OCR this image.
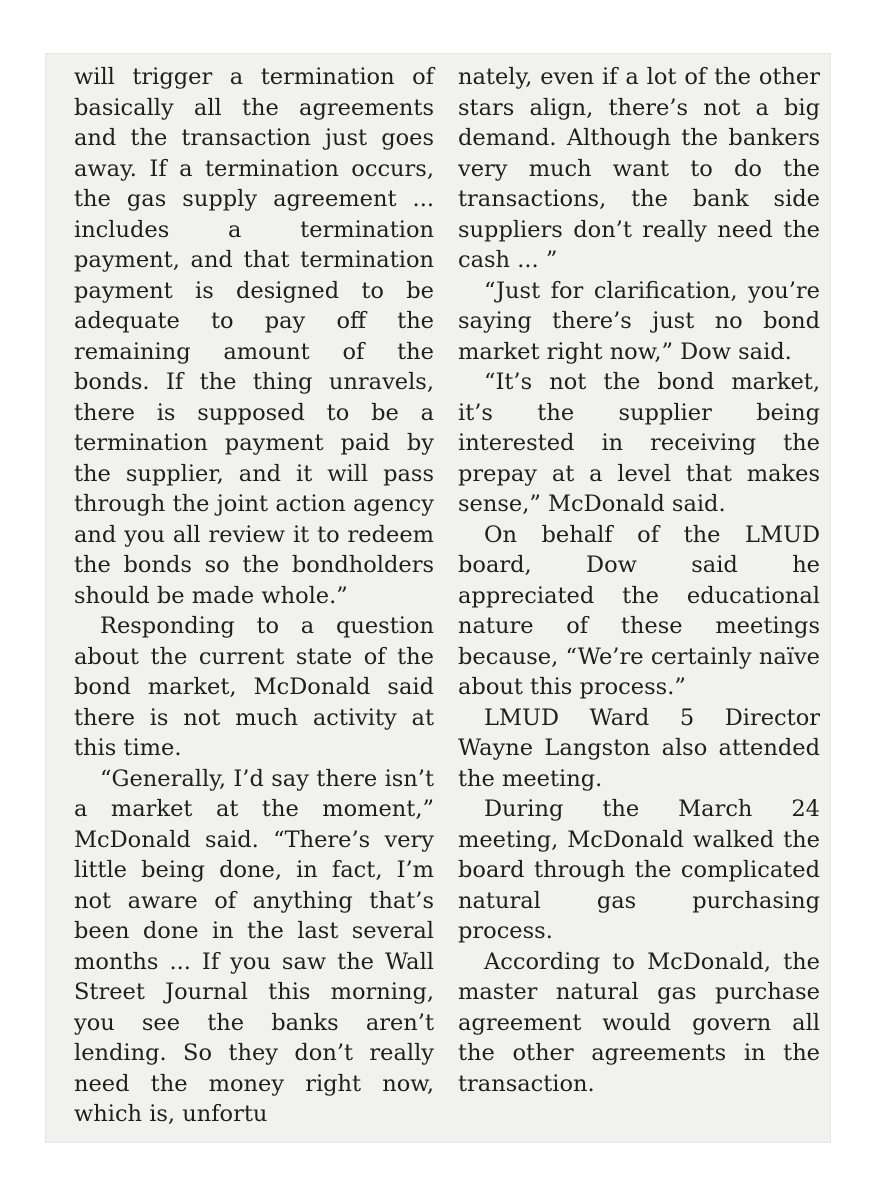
will trigger a termination of basically all the agreements and the transaction just goes away. If a termination occurs, the gas supply agreement ... includes a termination payment, and that termination payment is designed to be adequate to pay off the remaining amount of the bonds. If the thing unravels, there is supposed to be a termination payment paid by the supplier, and it will pass through the joint action agency and you all review it to redeem the bonds so the bondholders should be made whole.”

Responding to a question about the current state of the bond market, McDonald said there is not much activity at this time.

“Generally, I’d say there isn’t a market at the moment,” McDonald said. “There’s very little being done, in fact, I’m not aware of anything that’s been done in the last several months ... If you saw the Wall Street Journal this morning, you see the banks aren’t lending. So they don’t really need the money right now, which is, unfortu

nately, even if a lot of the other stars align, there’s not a big demand. Although the bankers very much want to do the transactions, the bank side suppliers don’t really need the cash ... ”

“Just for clarification, you’re saying there’s just no bond market right now,” Dow said.

“It’s not the bond market, it’s the supplier being interested in receiving the prepay at a level that makes sense,” McDonald said.

On behalf of the LMUD board, Dow said he appreciated the educational nature of these meetings because, “We’re certainly naïve about this process.”

LMUD Ward 5 Director Wayne Langston also attended the meeting.

During the March 24 meeting, McDonald walked the board through the complicated natural gas purchasing process.

According to McDonald, the master natural gas purchase agreement would govern all the other agreements in the transaction.
